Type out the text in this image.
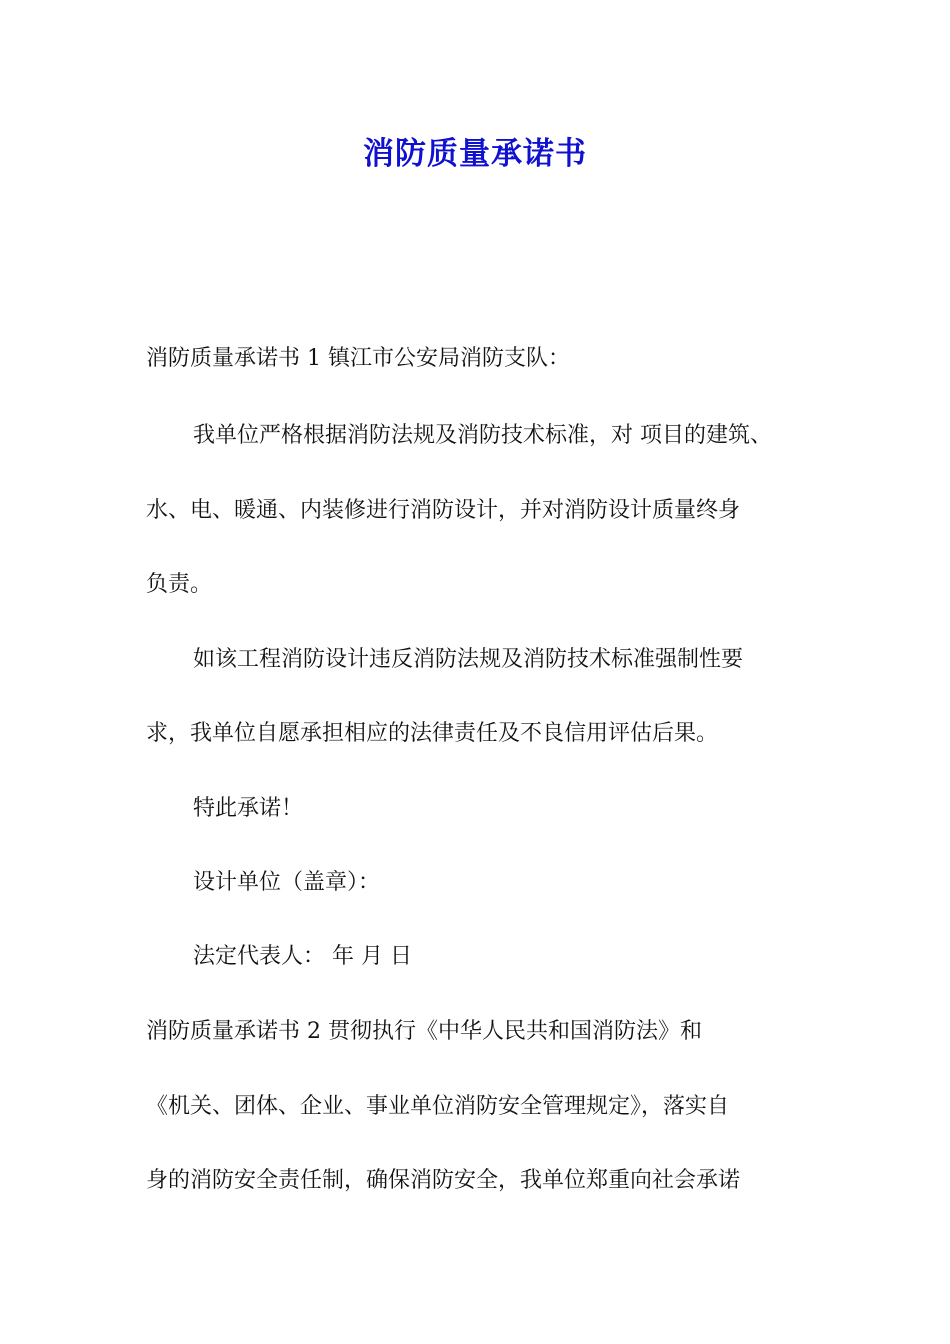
消防质量承诺书
消防质量承诺书 1 镇江市公安局消防支队：
我单位严格根据消防法规及消防技术标准，对 项目的建筑、
水、电、暖通、内装修进行消防设计，并对消防设计质量终身
负责。
如该工程消防设计违反消防法规及消防技术标准强制性要
求，我单位自愿承担相应的法律责任及不良信用评估后果。
特此承诺！
设计单位（盖章）：
法定代表人： 年 月 日
消防质量承诺书 2 贯彻执行《中华人民共和国消防法》和
《机关、团体、企业、事业单位消防安全管理规定》，落实自
身的消防安全责任制，确保消防安全，我单位郑重向社会承诺
